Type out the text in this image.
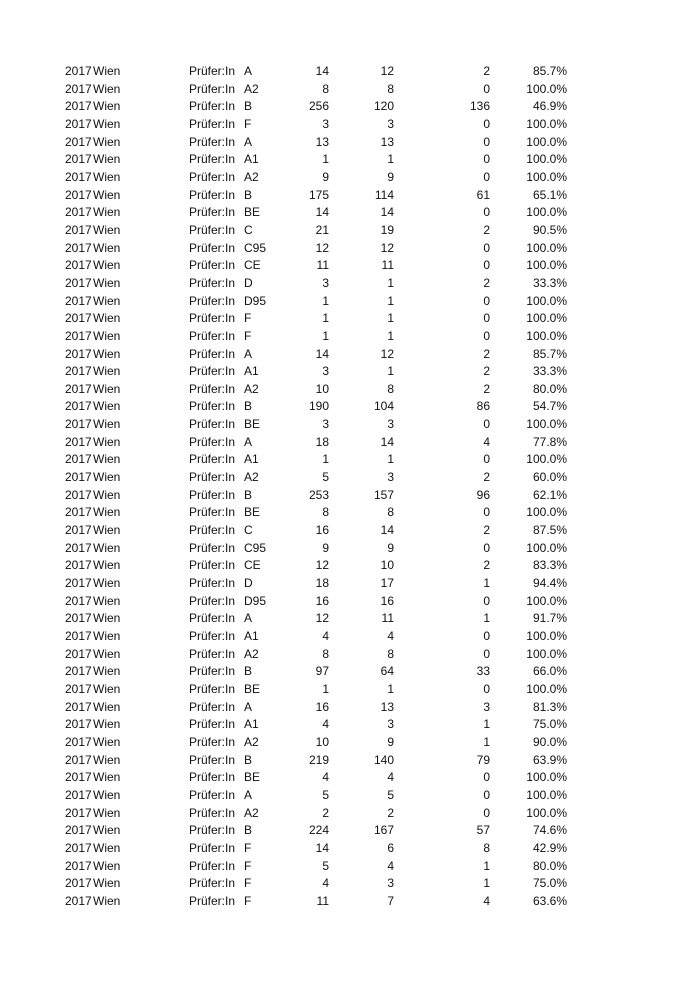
2017 Wien	Prüfer:In A	14	12	2	85.7%
2017 Wien	Prüfer:In A2	8	8	0	100.0%
2017 Wien	Prüfer:In B	256	120	136	46.9%
2017 Wien	Prüfer:In F	3	3	0	100.0%
2017 Wien	Prüfer:In A	13	13	0	100.0%
2017 Wien	Prüfer:In A1	1	1	0	100.0%
2017 Wien	Prüfer:In A2	9	9	0	100.0%
2017 Wien	Prüfer:In B	175	114	61	65.1%
2017 Wien	Prüfer:In BE	14	14	0	100.0%
2017 Wien	Prüfer:In C	21	19	2	90.5%
2017 Wien	Prüfer:In C95	12	12	0	100.0%
2017 Wien	Prüfer:In CE	11	11	0	100.0%
2017 Wien	Prüfer:In D	3	1	2	33.3%
2017 Wien	Prüfer:In D95	1	1	0	100.0%
2017 Wien	Prüfer:In F	1	1	0	100.0%
2017 Wien	Prüfer:In F	1	1	0	100.0%
2017 Wien	Prüfer:In A	14	12	2	85.7%
2017 Wien	Prüfer:In A1	3	1	2	33.3%
2017 Wien	Prüfer:In A2	10	8	2	80.0%
2017 Wien	Prüfer:In B	190	104	86	54.7%
2017 Wien	Prüfer:In BE	3	3	0	100.0%
2017 Wien	Prüfer:In A	18	14	4	77.8%
2017 Wien	Prüfer:In A1	1	1	0	100.0%
2017 Wien	Prüfer:In A2	5	3	2	60.0%
2017 Wien	Prüfer:In B	253	157	96	62.1%
2017 Wien	Prüfer:In BE	8	8	0	100.0%
2017 Wien	Prüfer:In C	16	14	2	87.5%
2017 Wien	Prüfer:In C95	9	9	0	100.0%
2017 Wien	Prüfer:In CE	12	10	2	83.3%
2017 Wien	Prüfer:In D	18	17	1	94.4%
2017 Wien	Prüfer:In D95	16	16	0	100.0%
2017 Wien	Prüfer:In A	12	11	1	91.7%
2017 Wien	Prüfer:In A1	4	4	0	100.0%
2017 Wien	Prüfer:In A2	8	8	0	100.0%
2017 Wien	Prüfer:In B	97	64	33	66.0%
2017 Wien	Prüfer:In BE	1	1	0	100.0%
2017 Wien	Prüfer:In A	16	13	3	81.3%
2017 Wien	Prüfer:In A1	4	3	1	75.0%
2017 Wien	Prüfer:In A2	10	9	1	90.0%
2017 Wien	Prüfer:In B	219	140	79	63.9%
2017 Wien	Prüfer:In BE	4	4	0	100.0%
2017 Wien	Prüfer:In A	5	5	0	100.0%
2017 Wien	Prüfer:In A2	2	2	0	100.0%
2017 Wien	Prüfer:In B	224	167	57	74.6%
2017 Wien	Prüfer:In F	14	6	8	42.9%
2017 Wien	Prüfer:In F	5	4	1	80.0%
2017 Wien	Prüfer:In F	4	3	1	75.0%
2017 Wien	Prüfer:In F	11	7	4	63.6%
